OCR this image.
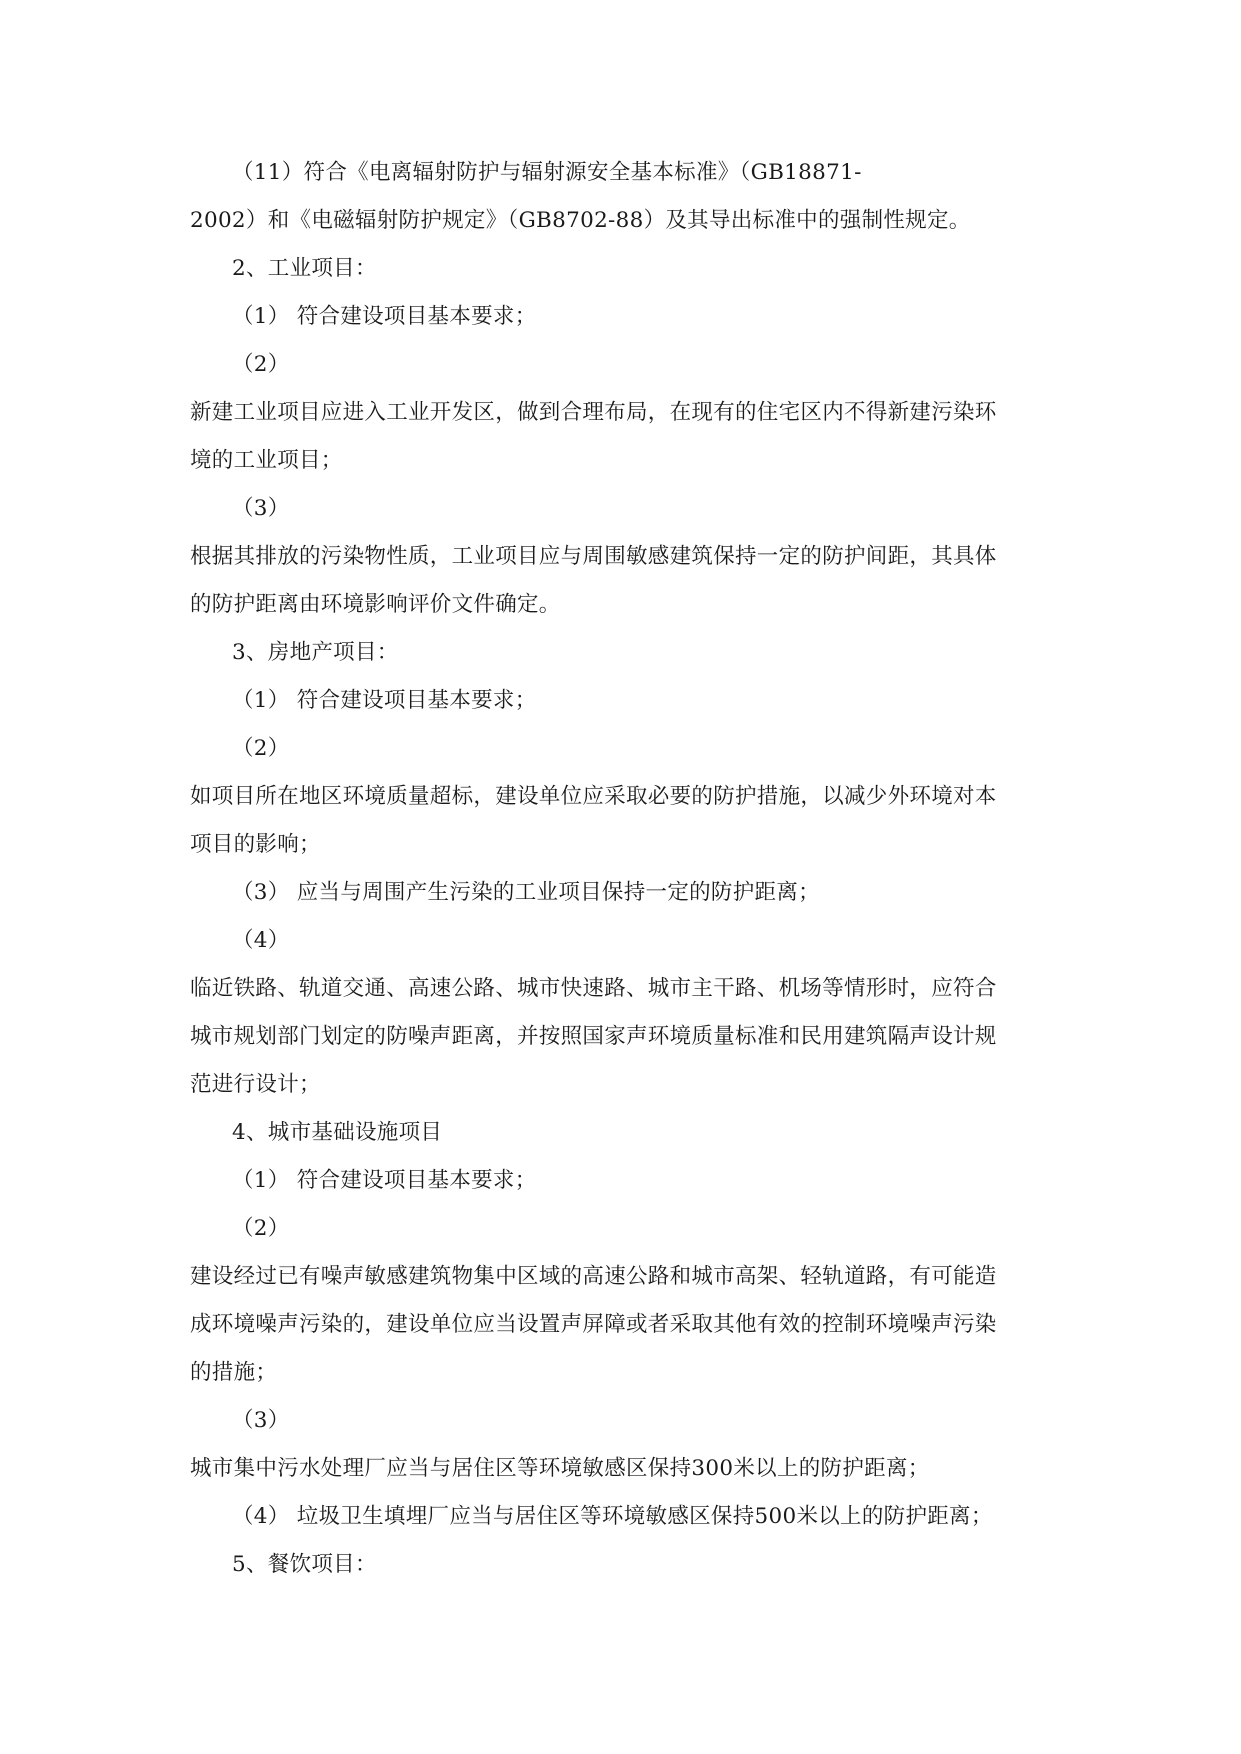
（11）符合《电离辐射防护与辐射源安全基本标准》（GB18871-
2002）和《电磁辐射防护规定》（GB8702-88）及其导出标准中的强制性规定。
2、工业项目：
（1） 符合建设项目基本要求；
（2）
新建工业项目应进入工业开发区，做到合理布局，在现有的住宅区内不得新建污染环
境的工业项目；
（3）
根据其排放的污染物性质，工业项目应与周围敏感建筑保持一定的防护间距，其具体
的防护距离由环境影响评价文件确定。
3、房地产项目：
（1） 符合建设项目基本要求；
（2）
如项目所在地区环境质量超标，建设单位应采取必要的防护措施，以减少外环境对本
项目的影响；
（3） 应当与周围产生污染的工业项目保持一定的防护距离；
（4）
临近铁路、轨道交通、高速公路、城市快速路、城市主干路、机场等情形时，应符合
城市规划部门划定的防噪声距离，并按照国家声环境质量标准和民用建筑隔声设计规
范进行设计；
4、城市基础设施项目
（1） 符合建设项目基本要求；
（2）
建设经过已有噪声敏感建筑物集中区域的高速公路和城市高架、轻轨道路，有可能造
成环境噪声污染的，建设单位应当设置声屏障或者采取其他有效的控制环境噪声污染
的措施；
（3）
城市集中污水处理厂应当与居住区等环境敏感区保持300米以上的防护距离；
（4） 垃圾卫生填埋厂应当与居住区等环境敏感区保持500米以上的防护距离；
5、餐饮项目：
